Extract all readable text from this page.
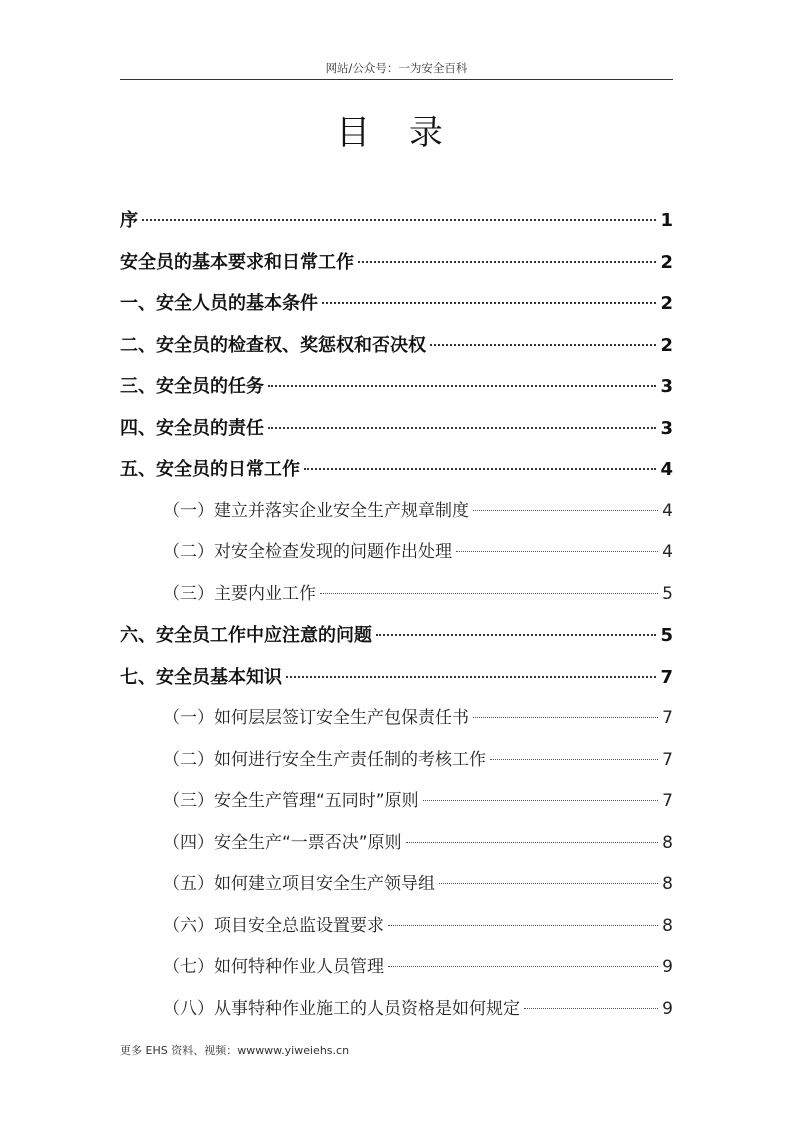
网站/公众号：一为安全百科
目 录
序	1
安全员的基本要求和日常工作	2
一、安全人员的基本条件	2
二、安全员的检查权、奖惩权和否决权	2
三、安全员的任务	3
四、安全员的责任	3
五、安全员的日常工作	4
（一）建立并落实企业安全生产规章制度	4
（二）对安全检查发现的问题作出处理	4
（三）主要内业工作	5
六、安全员工作中应注意的问题	5
七、安全员基本知识	7
（一）如何层层签订安全生产包保责任书	7
（二）如何进行安全生产责任制的考核工作	7
（三）安全生产管理“五同时”原则	7
（四）安全生产“一票否决”原则	8
（五）如何建立项目安全生产领导组	8
（六）项目安全总监设置要求	8
（七）如何特种作业人员管理	9
（八）从事特种作业施工的人员资格是如何规定	9
更多 EHS 资料、视频：wwwww.yiweiehs.cn
